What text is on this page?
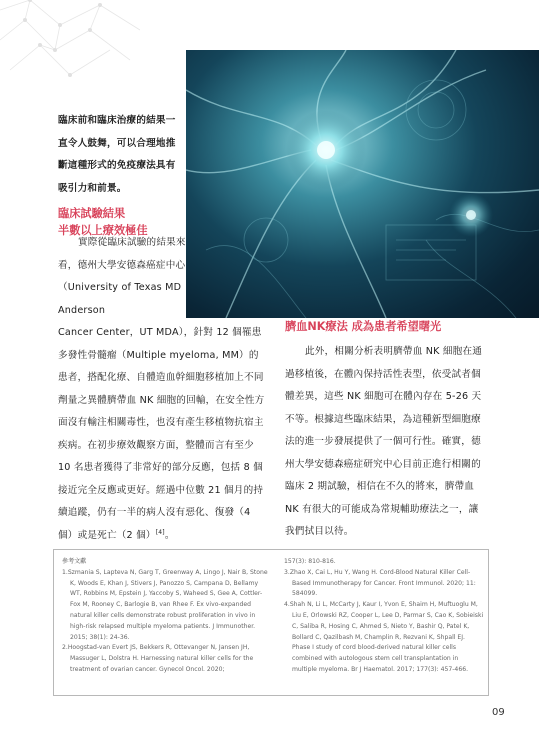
臨床前和臨床治療的結果一直令人鼓舞，可以合理地推斷這種形式的免疫療法具有吸引力和前景。
臨床試驗結果
半數以上療效極佳
實際從臨床試驗的結果來看，德州大學安德森癌症中心（University of Texas MD Anderson
Cancer Center，UT MDA），針對 12 個罹患多發性骨髓瘤（Multiple myeloma, MM）的患者，搭配化療、自體造血幹細胞移植加上不同劑量之異體臍帶血 NK 細胞的回輸，在安全性方面沒有輸注相關毒性，也沒有產生移植物抗宿主疾病。在初步療效觀察方面，整體而言有至少 10 名患者獲得了非常好的部分反應，包括 8 個接近完全反應或更好。經過中位數 21 個月的持續追蹤，仍有一半的病人沒有惡化、復發（4 個）或是死亡（2 個）[4]。
臍血NK療法 成為患者希望曙光
此外，相關分析表明臍帶血 NK 細胞在通過移植後，在體內保持活性表型，依受試者個體差異，這些 NK 細胞可在體內存在 5-26 天不等。根據這些臨床結果，為這種新型細胞療法的進一步發展提供了一個可行性。確實，德州大學安德森癌症研究中心目前正進行相關的臨床 2 期試驗，相信在不久的將來，臍帶血 NK 有很大的可能成為常規輔助療法之一，讓我們拭目以待。
參考文獻
1.Szmania S, Lapteva N, Garg T, Greenway A, Lingo J, Nair B, Stone K, Woods E, Khan J, Stivers J, Panozzo S, Campana D, Bellamy WT, Robbins M, Epstein J, Yaccoby S, Waheed S, Gee A, Cottler-Fox M, Rooney C, Barlogie B, van Rhee F. Ex vivo-expanded natural killer cells demonstrate robust proliferation in vivo in high-risk relapsed multiple myeloma patients. J Immunother. 2015; 38(1): 24-36.
2.Hoogstad-van Evert JS, Bekkers R, Ottevanger N, Jansen JH, Massuger L, Dolstra H. Harnessing natural killer cells for the treatment of ovarian cancer. Gynecol Oncol. 2020;
157(3): 810-816.
3.Zhao X, Cai L, Hu Y, Wang H. Cord-Blood Natural Killer Cell-Based Immunotherapy for Cancer. Front Immunol. 2020; 11: 584099.
4.Shah N, Li L, McCarty J, Kaur I, Yvon E, Shaim H, Muftuoglu M, Liu E, Orlowski RZ, Cooper L, Lee D, Parmar S, Cao K, Sobieiski C, Saliba R, Hosing C, Ahmed S, Nieto Y, Bashir Q, Patel K, Bollard C, Qazilbash M, Champlin R, Rezvani K, Shpall EJ. Phase I study of cord blood-derived natural killer cells combined with autologous stem cell transplantation in multiple myeloma. Br J Haematol. 2017; 177(3): 457-466.
09
